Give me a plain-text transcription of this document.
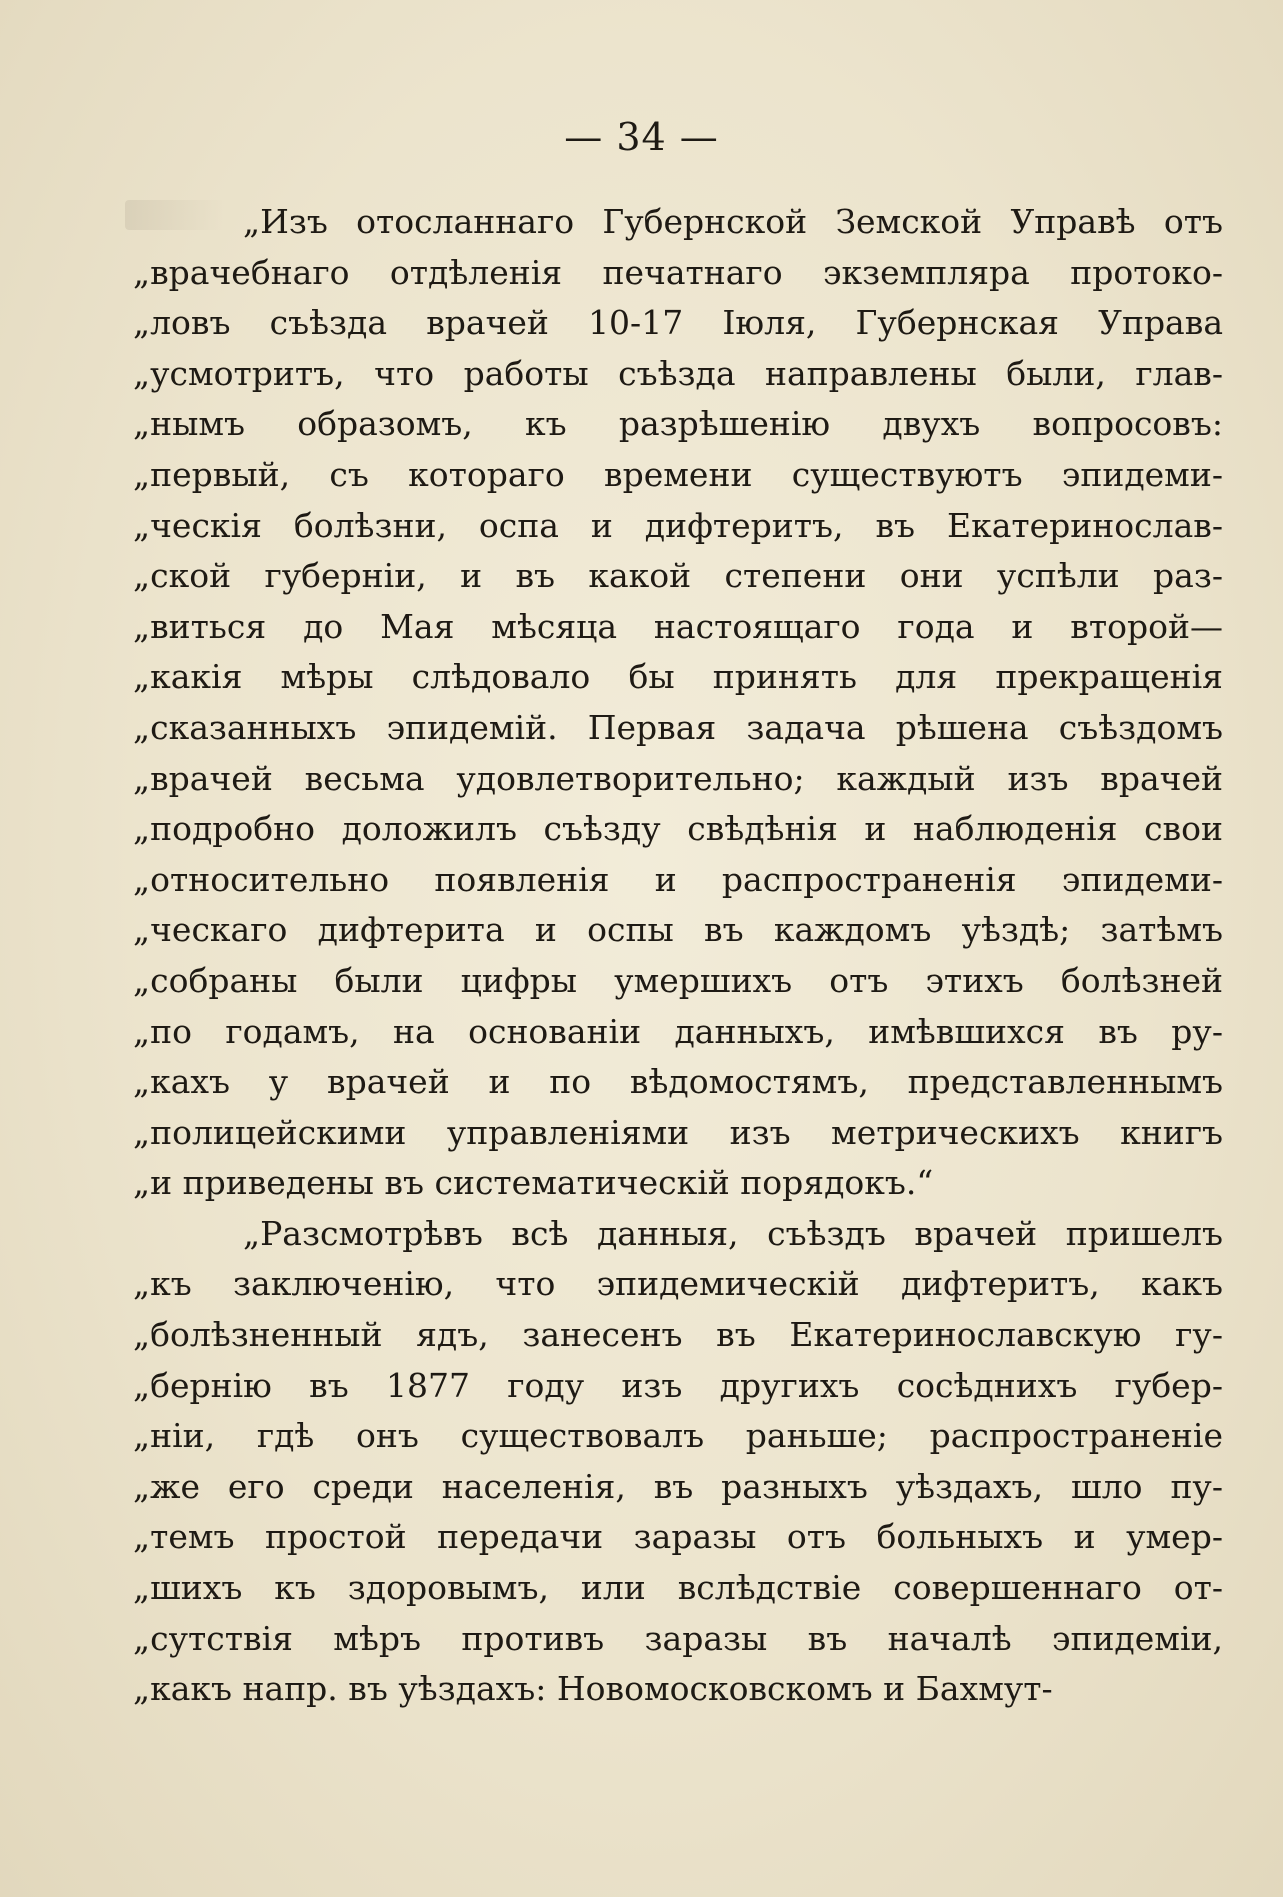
— 34 —
„Изъ отосланнаго Губернской Земской Управѣ отъ
„врачебнаго отдѣленія печатнаго экземпляра протоко-
„ловъ съѣзда врачей 10-17 Іюля, Губернская Управа
„усмотритъ, что работы съѣзда направлены были, глав-
„нымъ образомъ, къ разрѣшенію двухъ вопросовъ:
„первый, съ котораго времени существуютъ эпидеми-
„ческія болѣзни, оспа и дифтеритъ, въ Екатеринослав-
„ской губерніи, и въ какой степени они успѣли раз-
„виться до Мая мѣсяца настоящаго года и второй—
„какія мѣры слѣдовало бы принять для прекращенія
„сказанныхъ эпидемій. Первая задача рѣшена съѣздомъ
„врачей весьма удовлетворительно; каждый изъ врачей
„подробно доложилъ съѣзду свѣдѣнія и наблюденія свои
„относительно появленія и распространенія эпидеми-
„ческаго дифтерита и оспы въ каждомъ уѣздѣ; затѣмъ
„собраны были цифры умершихъ отъ этихъ болѣзней
„по годамъ, на основаніи данныхъ, имѣвшихся въ ру-
„кахъ у врачей и по вѣдомостямъ, представленнымъ
„полицейскими управленіями изъ метрическихъ книгъ
„и приведены въ систематическій порядокъ.“
„Разсмотрѣвъ всѣ данныя, съѣздъ врачей пришелъ
„къ заключенію, что эпидемическій дифтеритъ, какъ
„болѣзненный ядъ, занесенъ въ Екатеринославскую гу-
„бернію въ 1877 году изъ другихъ сосѣднихъ губер-
„ніи, гдѣ онъ существовалъ раньше; распространеніе
„же его среди населенія, въ разныхъ уѣздахъ, шло пу-
„темъ простой передачи заразы отъ больныхъ и умер-
„шихъ къ здоровымъ, или вслѣдствіе совершеннаго от-
„сутствія мѣръ противъ заразы въ началѣ эпидеміи,
„какъ напр. въ уѣздахъ: Новомосковскомъ и Бахмут-
